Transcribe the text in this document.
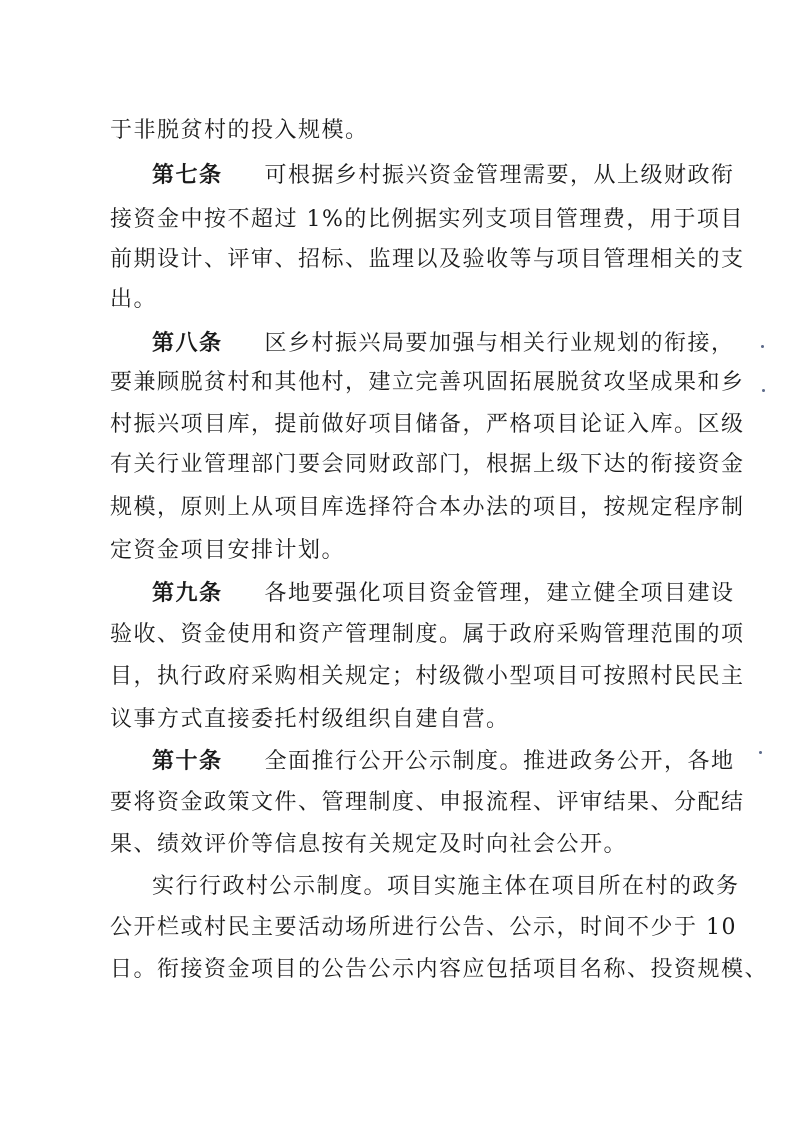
于非脱贫村的投入规模。
第七条 可根据乡村振兴资金管理需要，从上级财政衔
接资金中按不超过 1%的比例据实列支项目管理费，用于项目
前期设计、评审、招标、监理以及验收等与项目管理相关的支
出。
第八条 区乡村振兴局要加强与相关行业规划的衔接，
要兼顾脱贫村和其他村，建立完善巩固拓展脱贫攻坚成果和乡
村振兴项目库，提前做好项目储备，严格项目论证入库。区级
有关行业管理部门要会同财政部门，根据上级下达的衔接资金
规模，原则上从项目库选择符合本办法的项目，按规定程序制
定资金项目安排计划。
第九条 各地要强化项目资金管理，建立健全项目建设
验收、资金使用和资产管理制度。属于政府采购管理范围的项
目，执行政府采购相关规定；村级微小型项目可按照村民民主
议事方式直接委托村级组织自建自营。
第十条 全面推行公开公示制度。推进政务公开，各地
要将资金政策文件、管理制度、申报流程、评审结果、分配结
果、绩效评价等信息按有关规定及时向社会公开。
实行行政村公示制度。项目实施主体在项目所在村的政务
公开栏或村民主要活动场所进行公告、公示，时间不少于 10
日。衔接资金项目的公告公示内容应包括项目名称、投资规模、
